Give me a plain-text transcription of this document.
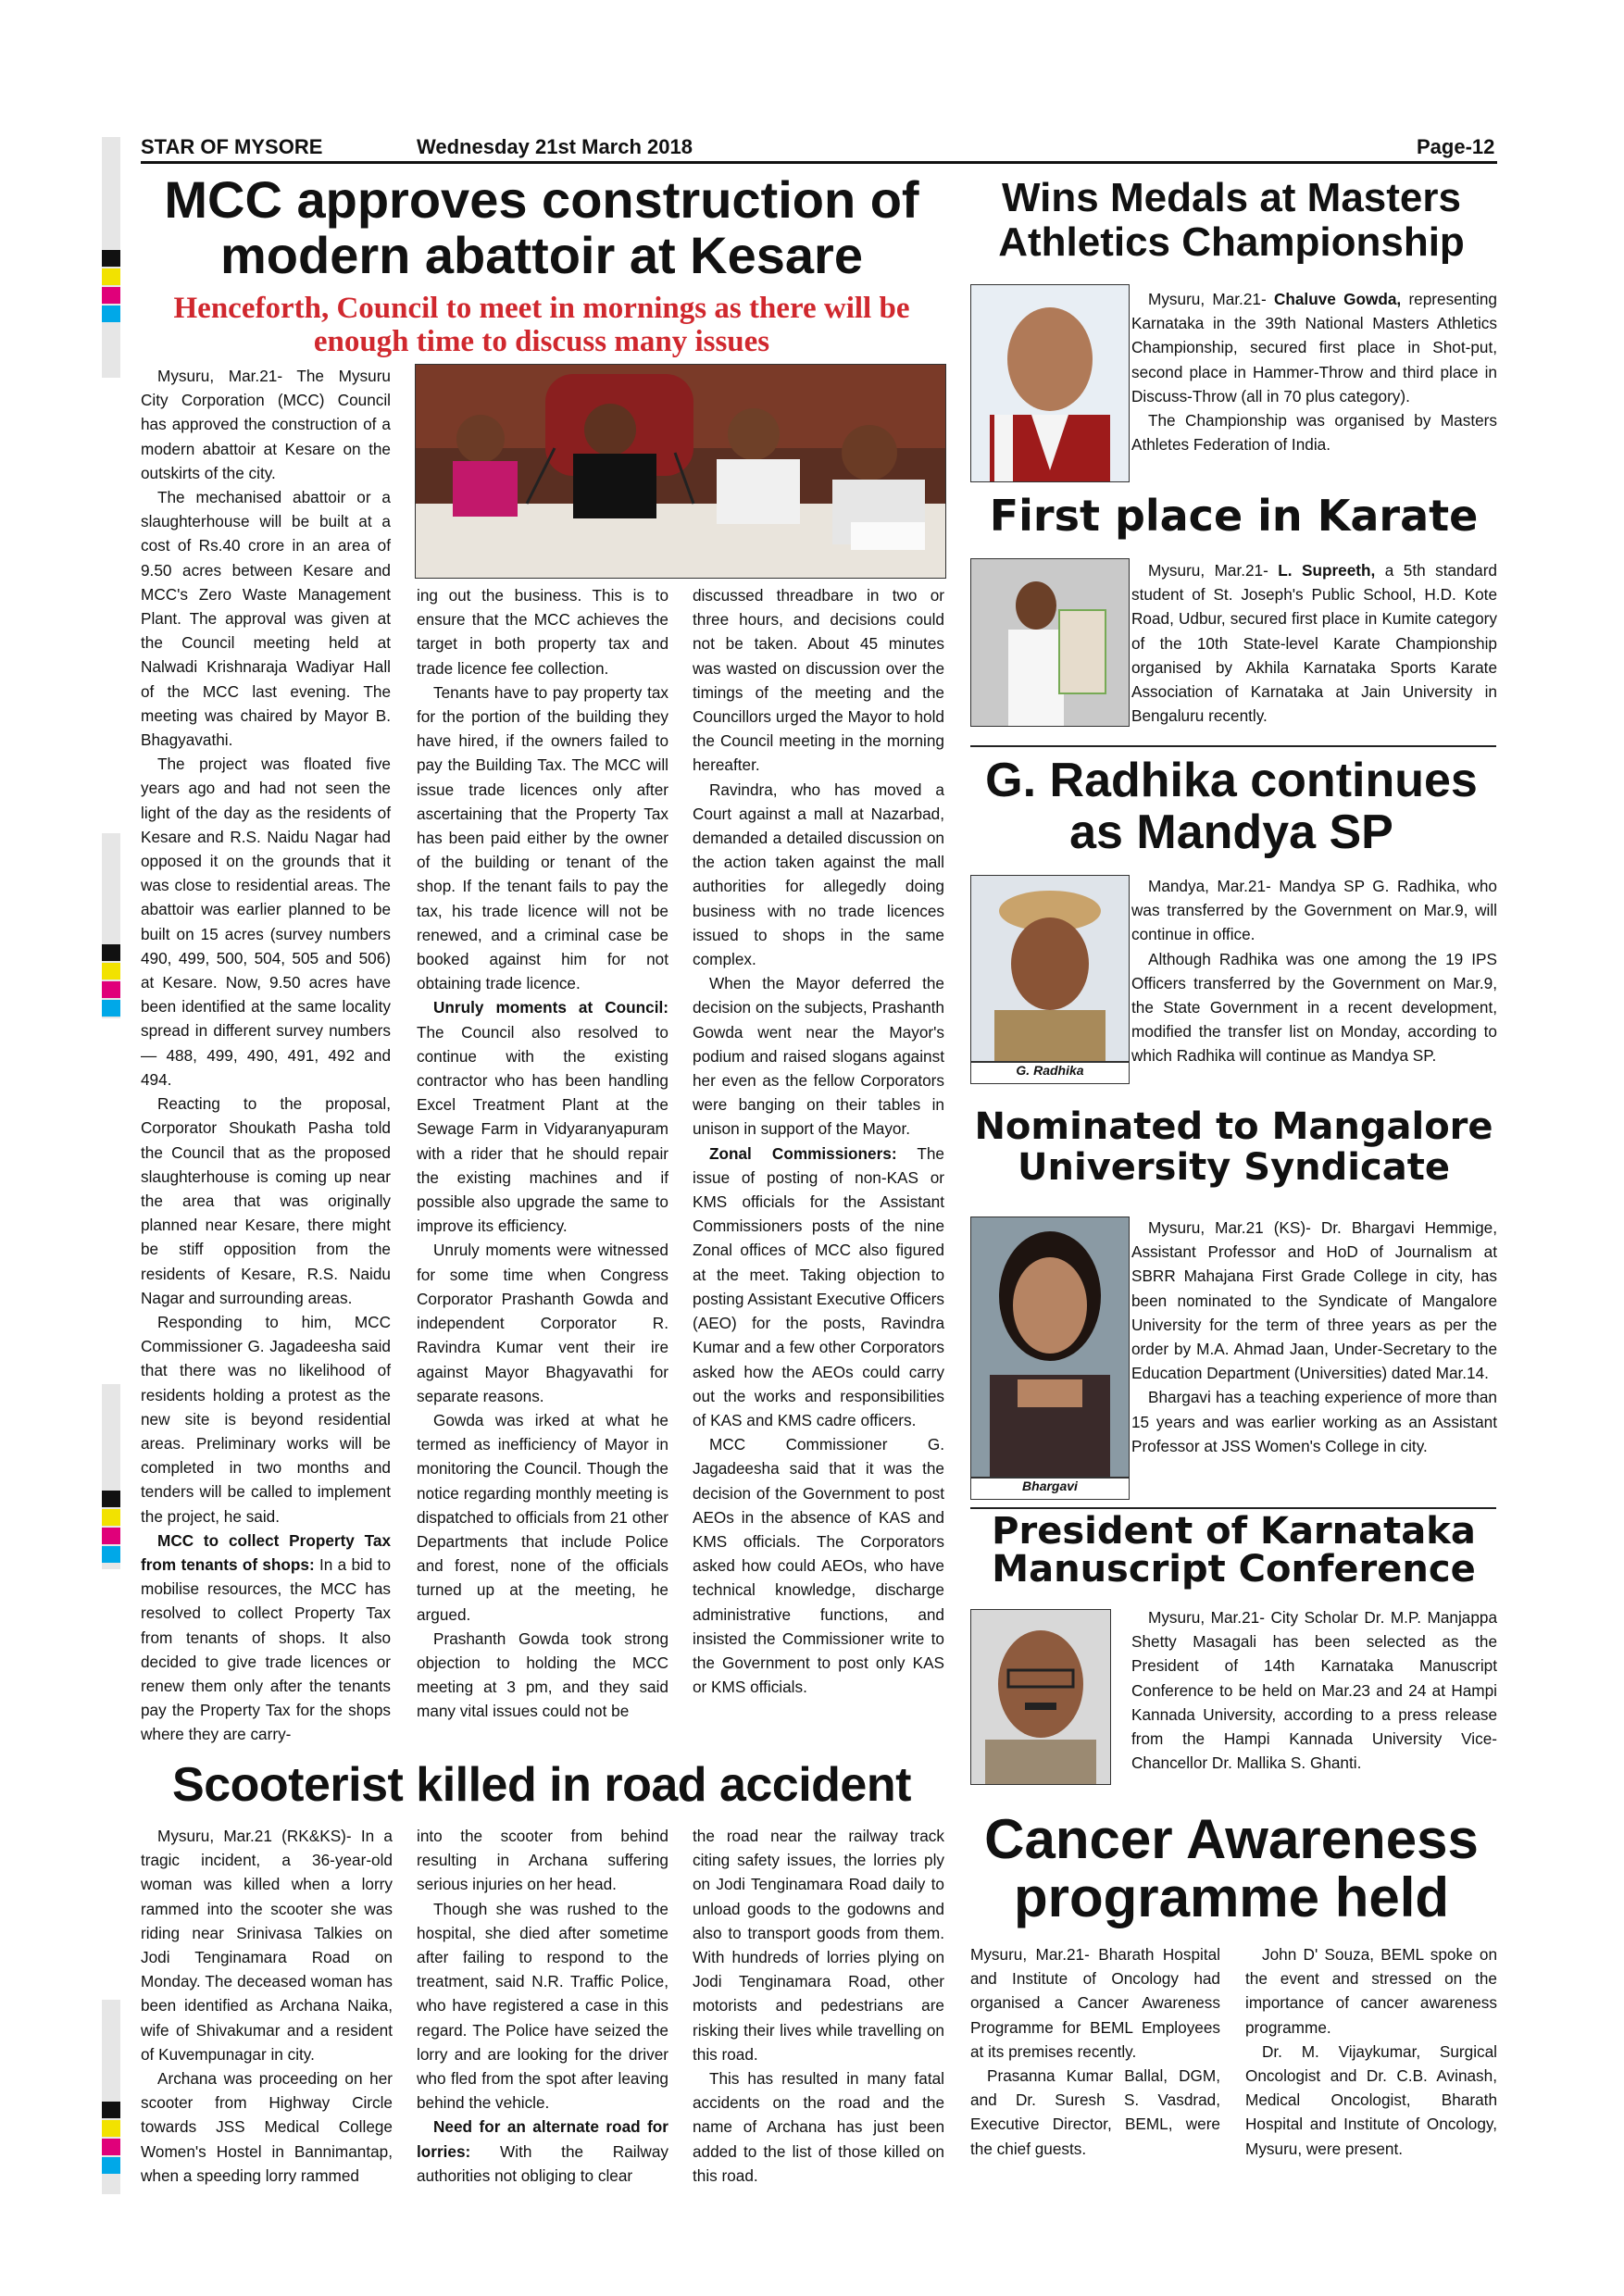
STAR OF MYSORE	Wednesday 21st March 2018	Page-12
MCC approves construction of
modern abattoir at Kesare
Henceforth, Council to meet in mornings as there will be enough time to discuss many issues

Mysuru, Mar.21- The Mysuru City Corporation (MCC) Council has approved the construction of a modern abattoir at Kesare on the outskirts of the city.

The mechanised abattoir or a slaughterhouse will be built at a cost of Rs.40 crore in an area of 9.50 acres between Kesare and MCC's Zero Waste Management Plant. The approval was given at the Council meeting held at Nalwadi Krishnaraja Wadiyar Hall of the MCC last evening. The meeting was chaired by Mayor B. Bhagyavathi.

The project was floated five years ago and had not seen the light of the day as the residents of Kesare and R.S. Naidu Nagar had opposed it on the grounds that it was close to residential areas. The abattoir was earlier planned to be built on 15 acres (survey numbers 490, 499, 500, 504, 505 and 506) at Kesare. Now, 9.50 acres have been identified at the same locality spread in different survey numbers — 488, 499, 490, 491, 492 and 494.

Reacting to the proposal, Corporator Shoukath Pasha told the Council that as the proposed slaughterhouse is coming up near the area that was originally planned near Kesare, there might be stiff opposition from the residents of Kesare, R.S. Naidu Nagar and surrounding areas.

Responding to him, MCC Commissioner G. Jagadeesha said that there was no likelihood of residents holding a protest as the new site is beyond residential areas. Preliminary works will be completed in two months and tenders will be called to implement the project, he said.

MCC to collect Property Tax from tenants of shops: In a bid to mobilise resources, the MCC has resolved to collect Property Tax from tenants of shops. It also decided to give trade licences or renew them only after the tenants pay the Property Tax for the shops where they are carry-

ing out the business. This is to ensure that the MCC achieves the target in both property tax and trade licence fee collection.

Tenants have to pay property tax for the portion of the building they have hired, if the owners failed to pay the Building Tax. The MCC will issue trade licences only after ascertaining that the Property Tax has been paid either by the owner of the building or tenant of the shop. If the tenant fails to pay the tax, his trade licence will not be renewed, and a criminal case be booked against him for not obtaining trade licence.

Unruly moments at Council: The Council also resolved to continue with the existing contractor who has been handling Excel Treatment Plant at the Sewage Farm in Vidyaranyapuram with a rider that he should repair the existing machines and if possible also upgrade the same to improve its efficiency.

Unruly moments were witnessed for some time when Congress Corporator Prashanth Gowda and independent Corporator R. Ravindra Kumar vent their ire against Mayor Bhagyavathi for separate reasons.

Gowda was irked at what he termed as inefficiency of Mayor in monitoring the Council. Though the notice regarding monthly meeting is dispatched to officials from 21 other Departments that include Police and forest, none of the officials turned up at the meeting, he argued.

Prashanth Gowda took strong objection to holding the MCC meeting at 3 pm, and they said many vital issues could not be

discussed threadbare in two or three hours, and decisions could not be taken. About 45 minutes was wasted on discussion over the timings of the meeting and the Councillors urged the Mayor to hold the Council meeting in the morning hereafter.

Ravindra, who has moved a Court against a mall at Nazarbad, demanded a detailed discussion on the action taken against the mall authorities for allegedly doing business with no trade licences issued to shops in the same complex.

When the Mayor deferred the decision on the subjects, Prashanth Gowda went near the Mayor's podium and raised slogans against her even as the fellow Corporators were banging on their tables in unison in support of the Mayor.

Zonal Commissioners: The issue of posting of non-KAS or KMS officials for the Assistant Commissioners posts of the nine Zonal offices of MCC also figured at the meet. Taking objection to posting Assistant Executive Officers (AEO) for the posts, Ravindra Kumar and a few other Corporators asked how the AEOs could carry out the works and responsibilities of KAS and KMS cadre officers.

MCC Commissioner G. Jagadeesha said that it was the decision of the Government to post AEOs in the absence of KAS and KMS officials. The Corporators asked how could AEOs, who have technical knowledge, discharge administrative functions, and insisted the Commissioner write to the Government to post only KAS or KMS officials.

Scooterist killed in road accident

Mysuru, Mar.21 (RK&KS)- In a tragic incident, a 36-year-old woman was killed when a lorry rammed into the scooter she was riding near Srinivasa Talkies on Jodi Tenginamara Road on Monday. The deceased woman has been identified as Archana Naika, wife of Shivakumar and a resident of Kuvempunagar in city.

Archana was proceeding on her scooter from Highway Circle towards JSS Medical College Women's Hostel in Bannimantap, when a speeding lorry rammed

into the scooter from behind resulting in Archana suffering serious injuries on her head.

Though she was rushed to the hospital, she died after sometime after failing to respond to the treatment, said N.R. Traffic Police, who have registered a case in this regard. The Police have seized the lorry and are looking for the driver who fled from the spot after leaving behind the vehicle.

Need for an alternate road for lorries: With the Railway authorities not obliging to clear

the road near the railway track citing safety issues, the lorries ply on Jodi Tenginamara Road daily to unload goods to the godowns and also to transport goods from them. With hundreds of lorries plying on Jodi Tenginamara Road, other motorists and pedestrians are risking their lives while travelling on this road.

This has resulted in many fatal accidents on the road and the name of Archana has just been added to the list of those killed on this road.

Wins Medals at Masters
Athletics Championship

Mysuru, Mar.21- Chaluve Gowda, representing Karnataka in the 39th National Masters Athletics Championship, secured first place in Shot-put, second place in Hammer-Throw and third place in Discuss-Throw (all in 70 plus category).

The Championship was organised by Masters Athletes Federation of India.

First place in Karate

Mysuru, Mar.21- L. Supreeth, a 5th standard student of St. Joseph's Public School, H.D. Kote Road, Udbur, secured first place in Kumite category of the 10th State-level Karate Championship organised by Akhila Karnataka Sports Karate Association of Karnataka at Jain University in Bengaluru recently.

G. Radhika continues
as Mandya SP
G. Radhika

Mandya, Mar.21- Mandya SP G. Radhika, who was transferred by the Government on Mar.9, will continue in office.

Although Radhika was one among the 19 IPS Officers transferred by the Government on Mar.9, the State Government in a recent development, modified the transfer list on Monday, according to which Radhika will continue as Mandya SP.

Nominated to Mangalore
University Syndicate
Bhargavi

Mysuru, Mar.21 (KS)- Dr. Bhargavi Hemmige, Assistant Professor and HoD of Journalism at SBRR Mahajana First Grade College in city, has been nominated to the Syndicate of Mangalore University for the term of three years as per the order by M.A. Ahmad Jaan, Under-Secretary to the Education Department (Universities) dated Mar.14.

Bhargavi has a teaching experience of more than 15 years and was earlier working as an Assistant Professor at JSS Women's College in city.

President of Karnataka
Manuscript Conference

Mysuru, Mar.21- City Scholar Dr. M.P. Manjappa Shetty Masagali has been selected as the President of 14th Karnataka Manuscript Conference to be held on Mar.23 and 24 at Hampi Kannada University, according to a press release from the Hampi Kannada University Vice-Chancellor Dr. Mallika S. Ghanti.

Cancer Awareness
programme held

Mysuru, Mar.21- Bharath Hospital and Institute of Oncology had organised a Cancer Awareness Programme for BEML Employees at its premises recently.

Prasanna Kumar Ballal, DGM, and Dr. Suresh S. Vasdrad, Executive Director, BEML, were the chief guests.

John D' Souza, BEML spoke on the event and stressed on the importance of cancer awareness programme.

Dr. M. Vijaykumar, Surgical Oncologist and Dr. C.B. Avinash, Medical Oncologist, Bharath Hospital and Institute of Oncology, Mysuru, were present.
